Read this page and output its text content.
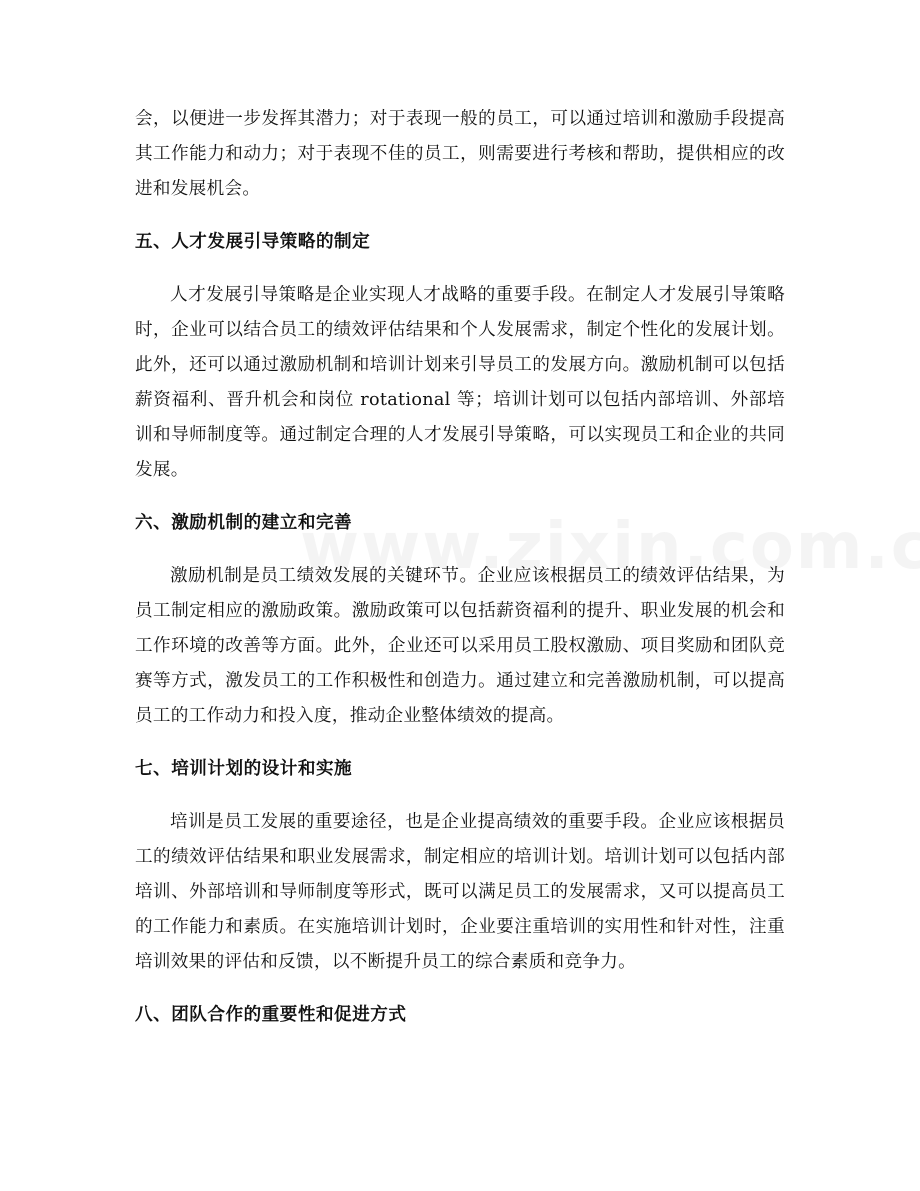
会，以便进一步发挥其潜力；对于表现一般的员工，可以通过培训和激励手段提高其工作能力和动力；对于表现不佳的员工，则需要进行考核和帮助，提供相应的改进和发展机会。

五、人才发展引导策略的制定

人才发展引导策略是企业实现人才战略的重要手段。在制定人才发展引导策略时，企业可以结合员工的绩效评估结果和个人发展需求，制定个性化的发展计划。此外，还可以通过激励机制和培训计划来引导员工的发展方向。激励机制可以包括薪资福利、晋升机会和岗位 rotational 等；培训计划可以包括内部培训、外部培训和导师制度等。通过制定合理的人才发展引导策略，可以实现员工和企业的共同发展。

六、激励机制的建立和完善

激励机制是员工绩效发展的关键环节。企业应该根据员工的绩效评估结果，为员工制定相应的激励政策。激励政策可以包括薪资福利的提升、职业发展的机会和工作环境的改善等方面。此外，企业还可以采用员工股权激励、项目奖励和团队竞赛等方式，激发员工的工作积极性和创造力。通过建立和完善激励机制，可以提高员工的工作动力和投入度，推动企业整体绩效的提高。

七、培训计划的设计和实施

培训是员工发展的重要途径，也是企业提高绩效的重要手段。企业应该根据员工的绩效评估结果和职业发展需求，制定相应的培训计划。培训计划可以包括内部培训、外部培训和导师制度等形式，既可以满足员工的发展需求，又可以提高员工的工作能力和素质。在实施培训计划时，企业要注重培训的实用性和针对性，注重培训效果的评估和反馈，以不断提升员工的综合素质和竞争力。

八、团队合作的重要性和促进方式
